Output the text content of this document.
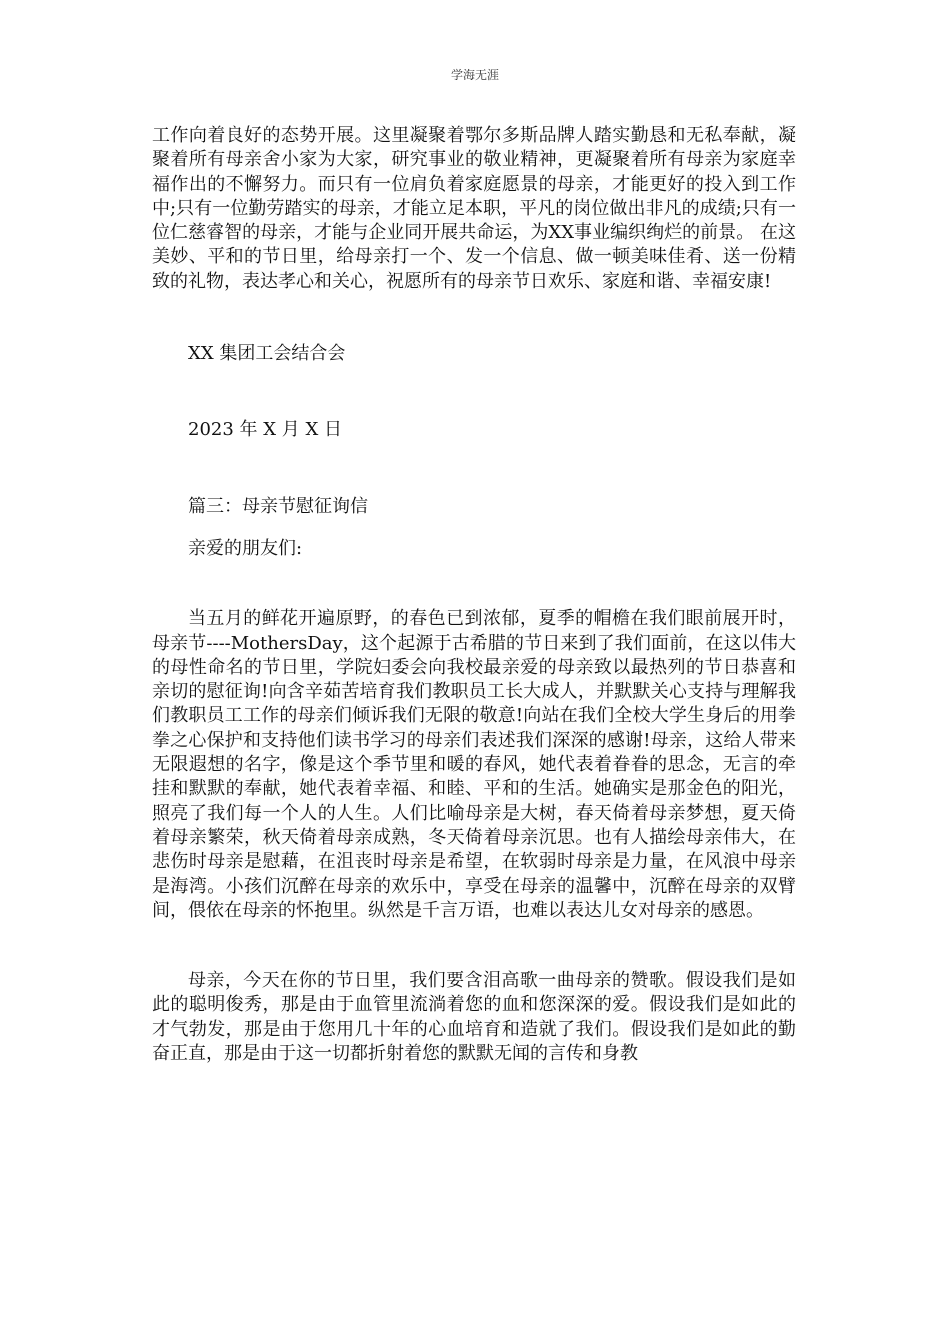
学海无涯

工作向着良好的态势开展。这里凝聚着鄂尔多斯品牌人踏实勤恳和无私奉献，凝聚着所有母亲舍小家为大家，研究事业的敬业精神，更凝聚着所有母亲为家庭幸福作出的不懈努力。而只有一位肩负着家庭愿景的母亲，才能更好的投入到工作中;只有一位勤劳踏实的母亲，才能立足本职，平凡的岗位做出非凡的成绩;只有一位仁慈睿智的母亲，才能与企业同开展共命运，为XX事业编织绚烂的前景。 在这美妙、平和的节日里，给母亲打一个、发一个信息、做一顿美味佳肴、送一份精致的礼物，表达孝心和关心，祝愿所有的母亲节日欢乐、家庭和谐、幸福安康!

XX 集团工会结合会

2023 年 X 月 X 日

篇三：母亲节慰征询信

亲爱的朋友们:

当五月的鲜花开遍原野，的春色已到浓郁，夏季的帽檐在我们眼前展开时，母亲节----MothersDay，这个起源于古希腊的节日来到了我们面前，在这以伟大的母性命名的节日里，学院妇委会向我校最亲爱的母亲致以最热列的节日恭喜和亲切的慰征询!向含辛茹苦培育我们教职员工长大成人，并默默关心支持与理解我们教职员工工作的母亲们倾诉我们无限的敬意!向站在我们全校大学生身后的用拳拳之心保护和支持他们读书学习的母亲们表述我们深深的感谢!母亲，这给人带来无限遐想的名字，像是这个季节里和暖的春风，她代表着眷眷的思念，无言的牵挂和默默的奉献，她代表着幸福、和睦、平和的生活。她确实是那金色的阳光，照亮了我们每一个人的人生。人们比喻母亲是大树，春天倚着母亲梦想，夏天倚着母亲繁荣，秋天倚着母亲成熟，冬天倚着母亲沉思。也有人描绘母亲伟大，在悲伤时母亲是慰藉，在沮丧时母亲是希望，在软弱时母亲是力量，在风浪中母亲是海湾。小孩们沉醉在母亲的欢乐中，享受在母亲的温馨中，沉醉在母亲的双臂间，偎依在母亲的怀抱里。纵然是千言万语，也难以表达儿女对母亲的感恩。

母亲，今天在你的节日里，我们要含泪高歌一曲母亲的赞歌。假设我们是如此的聪明俊秀，那是由于血管里流淌着您的血和您深深的爱。假设我们是如此的才气勃发，那是由于您用几十年的心血培育和造就了我们。假设我们是如此的勤奋正直，那是由于这一切都折射着您的默默无闻的言传和身教
